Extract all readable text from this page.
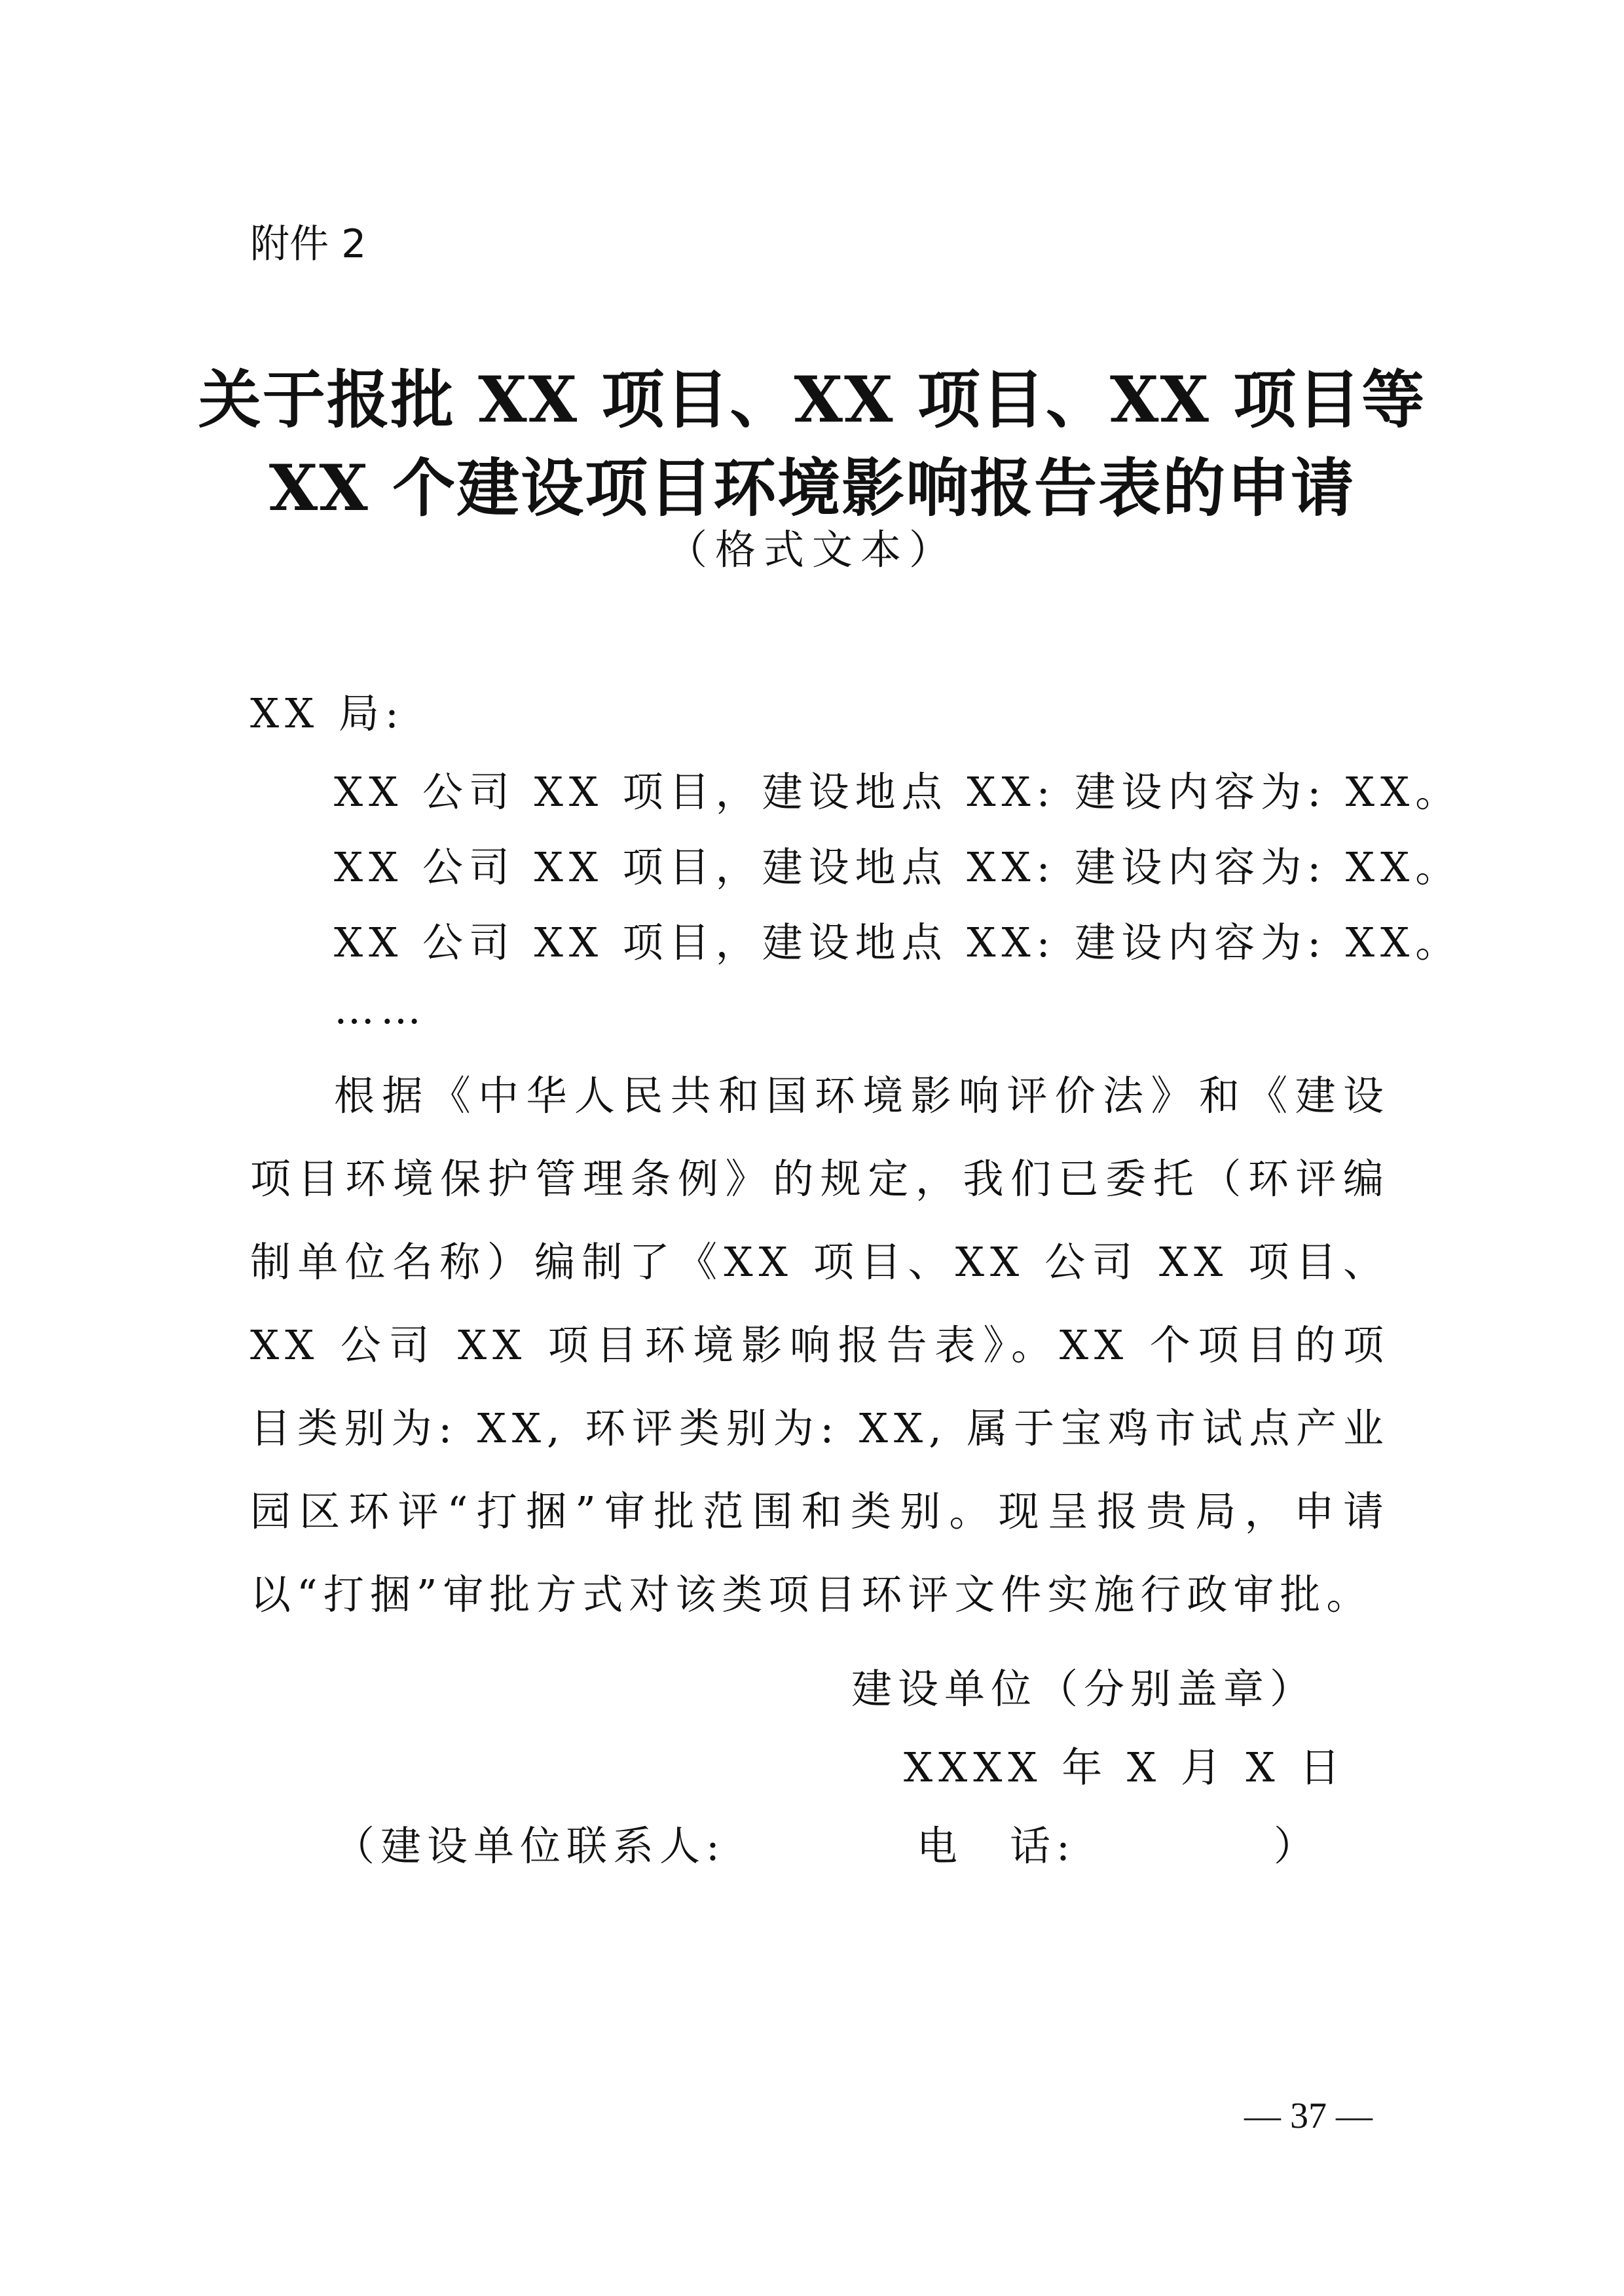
附件 2
关于报批 XX 项目、XX 项目、XX 项目等
XX 个建设项目环境影响报告表的申请
（格式文本）
XX 局:
XX 公司 XX 项目，建设地点 XX: 建设内容为: XX。
XX 公司 XX 项目，建设地点 XX: 建设内容为: XX。
XX 公司 XX 项目，建设地点 XX: 建设内容为: XX。
……
根据《中华人民共和国环境影响评价法》和《建设项目环境保护管理条例》的规定，我们已委托（环评编制单位名称）编制了《XX 项目、XX 公司 XX 项目、XX 公司 XX 项目环境影响报告表》。XX 个项目的项目类别为: XX, 环评类别为: XX, 属于宝鸡市试点产业园区环评“打捆”审批范围和类别。现呈报贵局，申请以“打捆”审批方式对该类项目环评文件实施行政审批。
建设单位（分别盖章）
XXXX 年 X 月 X 日
（建设单位联系人:	电　话:	）
— 37 —
